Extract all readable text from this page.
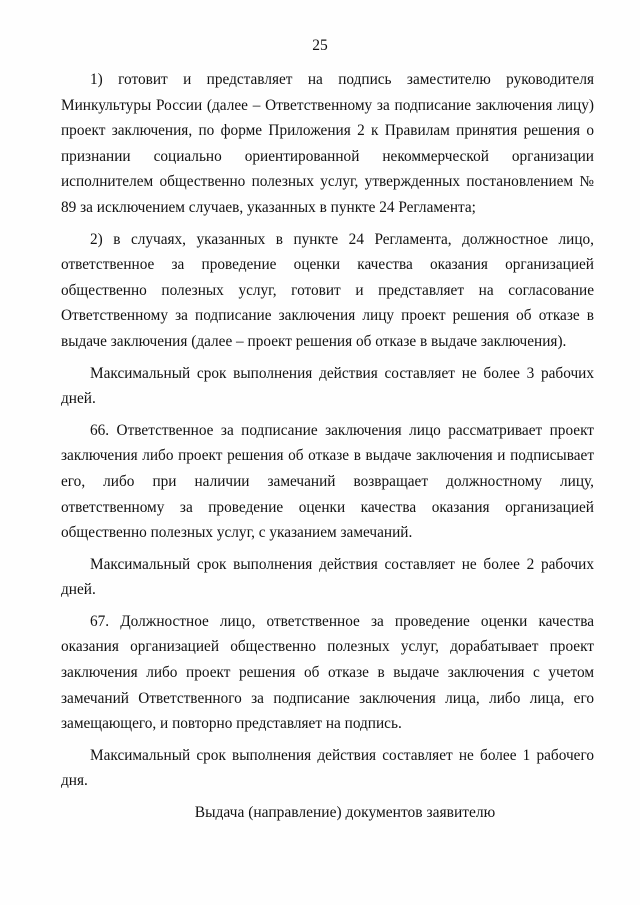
25

1) готовит и представляет на подпись заместителю руководителя Минкультуры России (далее – Ответственному за подписание заключения лицу) проект заключения, по форме Приложения 2 к Правилам принятия решения о признании социально ориентированной некоммерческой организации исполнителем общественно полезных услуг, утвержденных постановлением № 89 за исключением случаев, указанных в пункте 24 Регламента;

2) в случаях, указанных в пункте 24 Регламента, должностное лицо, ответственное за проведение оценки качества оказания организацией общественно полезных услуг, готовит и представляет на согласование Ответственному за подписание заключения лицу проект решения об отказе в выдаче заключения (далее – проект решения об отказе в выдаче заключения).

Максимальный срок выполнения действия составляет не более 3 рабочих дней.

66. Ответственное за подписание заключения лицо рассматривает проект заключения либо проект решения об отказе в выдаче заключения и подписывает его, либо при наличии замечаний возвращает должностному лицу, ответственному за проведение оценки качества оказания организацией общественно полезных услуг, с указанием замечаний.

Максимальный срок выполнения действия составляет не более 2 рабочих дней.

67. Должностное лицо, ответственное за проведение оценки качества оказания организацией общественно полезных услуг, дорабатывает проект заключения либо проект решения об отказе в выдаче заключения с учетом замечаний Ответственного за подписание заключения лица, либо лица, его замещающего, и повторно представляет на подпись.

Максимальный срок выполнения действия составляет не более 1 рабочего дня.

Выдача (направление) документов заявителю
